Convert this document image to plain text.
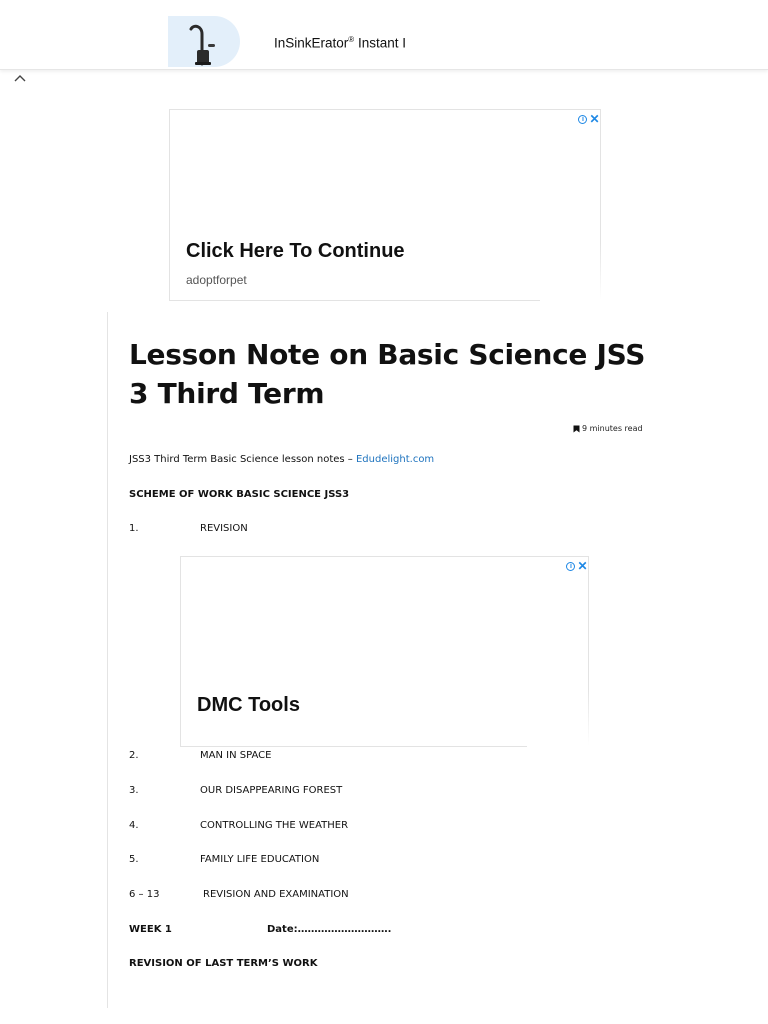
InSinkErator® Instant I
i ✕
Click Here To Continue
adoptforpet
Lesson Note on Basic Science JSS 3 Third Term
9 minutes read
JSS3 Third Term Basic Science lesson notes – Edudelight.com
SCHEME OF WORK BASIC SCIENCE JSS3
1.	REVISION
i ✕
DMC Tools
2.	MAN IN SPACE
3.	OUR DISAPPEARING FOREST
4.	CONTROLLING THE WEATHER
5.	FAMILY LIFE EDUCATION
6 – 13	REVISION AND EXAMINATION
WEEK 1	Date:……………………….
REVISION OF LAST TERM’S WORK
